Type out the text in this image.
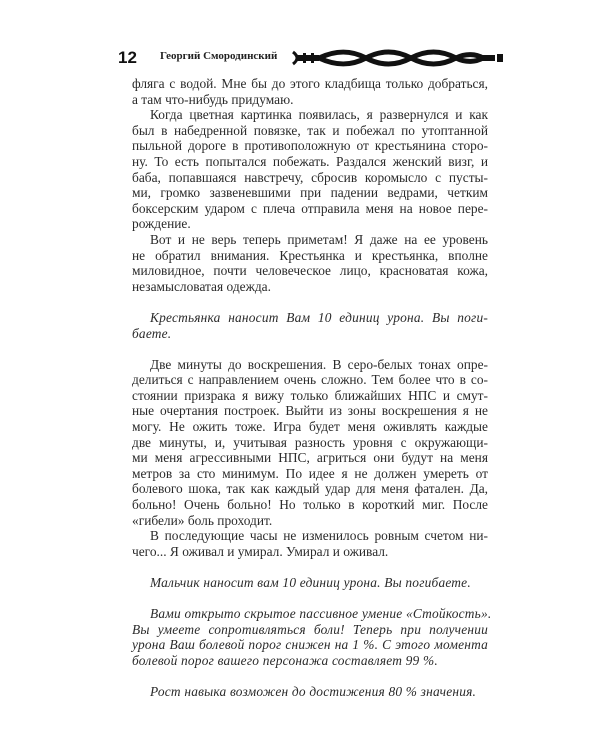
12 Георгий Смородинский
фляга с водой. Мне бы до этого кладбища только добраться,
а там что-нибудь придумаю.
Когда цветная картинка появилась, я развернулся и как
был в набедренной повязке, так и побежал по утоптанной
пыльной дороге в противоположную от крестьянина сторо-
ну. То есть попытался побежать. Раздался женский визг, и
баба, попавшаяся навстречу, сбросив коромысло с пусты-
ми, громко зазвеневшими при падении ведрами, четким
боксерским ударом с плеча отправила меня на новое пере-
рождение.
Вот и не верь теперь приметам! Я даже на ее уровень
не обратил внимания. Крестьянка и крестьянка, вполне
миловидное, почти человеческое лицо, красноватая кожа,
незамысловатая одежда.
Крестьянка наносит Вам 10 единиц урона. Вы поги-
баете.
Две минуты до воскрешения. В серо-белых тонах опре-
делиться с направлением очень сложно. Тем более что в со-
стоянии призрака я вижу только ближайших НПС и смут-
ные очертания построек. Выйти из зоны воскрешения я не
могу. Не ожить тоже. Игра будет меня оживлять каждые
две минуты, и, учитывая разность уровня с окружающи-
ми меня агрессивными НПС, агриться они будут на меня
метров за сто минимум. По идее я не должен умереть от
болевого шока, так как каждый удар для меня фатален. Да,
больно! Очень больно! Но только в короткий миг. После
«гибели» боль проходит.
В последующие часы не изменилось ровным счетом ни-
чего... Я оживал и умирал. Умирал и оживал.
Мальчик наносит вам 10 единиц урона. Вы погибаете.
Вами открыто скрытое пассивное умение «Стойкость».
Вы умеете сопротивляться боли! Теперь при получении
урона Ваш болевой порог снижен на 1 %. С этого момента
болевой порог вашего персонажа составляет 99 %.
Рост навыка возможен до достижения 80 % значения.
